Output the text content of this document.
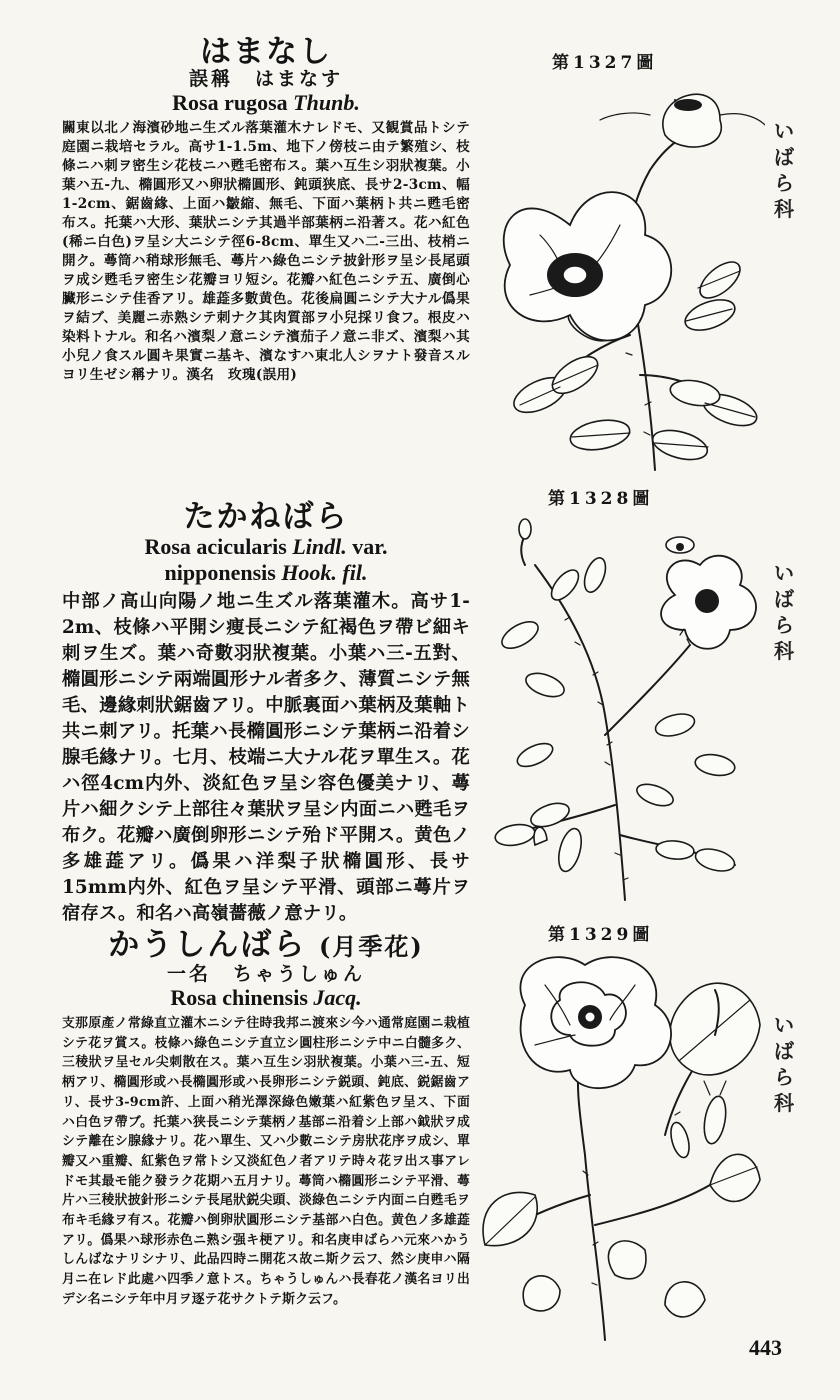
はまなし
誤稱　はまなす
Rosa rugosa Thunb.
關東以北ノ海濱砂地ニ生ズル落葉灌木ナレドモ、又観賞品トシテ庭園ニ栽培セラル。高サ1-1.5m、地下ノ傍枝ニ由テ繁殖シ、枝條ニハ刺ヲ密生シ花枝ニハ甦毛密布ス。葉ハ互生シ羽狀複葉。小葉ハ五-九、橢圓形又ハ卵狀橢圓形、鈍頭狭底、長サ2-3cm、幅1-2cm、鋸齒緣、上面ハ皺縮、無毛、下面ハ葉柄ト共ニ甦毛密布ス。托葉ハ大形、葉狀ニシテ其過半部葉柄ニ沿著ス。花ハ紅色(稀ニ白色)ヲ呈シ大ニシテ徑6-8cm、單生又ハ二-三出、枝梢ニ開ク。蕚筒ハ稍球形無毛、蕚片ハ綠色ニシテ披針形ヲ呈シ長尾頭ヲ成シ甦毛ヲ密生シ花瓣ヨリ短シ。花瓣ハ紅色ニシテ五、廣倒心臟形ニシテ佳香アリ。雄蕋多數黄色。花後扁圓ニシテ大ナル僞果ヲ結ブ、美麗ニ赤熟シテ刺ナク其肉質部ヲ小兒採リ食フ。根皮ハ染料トナル。和名ハ濱梨ノ意ニシテ濱茄子ノ意ニ非ズ、濱梨ハ其小兒ノ食スル圓キ果實ニ基キ、濱なすハ東北人シヲナト發音スルヨリ生ゼシ稱ナリ。漢名　玫瑰(誤用)
たかねばら
Rosa acicularis Lindl. var.
nipponensis Hook. fil.
中部ノ高山向陽ノ地ニ生ズル落葉灌木。高サ1-2m、枝條ハ平開シ痩長ニシテ紅褐色ヲ帶ビ細キ刺ヲ生ズ。葉ハ奇數羽狀複葉。小葉ハ三-五對、橢圓形ニシテ兩端圓形ナル者多ク、薄質ニシテ無毛、邊緣刺狀鋸齒アリ。中脈裏面ハ葉柄及葉軸ト共ニ刺アリ。托葉ハ長橢圓形ニシテ葉柄ニ沿着シ腺毛緣ナリ。七月、枝端ニ大ナル花ヲ單生ス。花ハ徑4cm内外、淡紅色ヲ呈シ容色優美ナリ、蕚片ハ細クシテ上部往々葉狀ヲ呈シ内面ニハ甦毛ヲ布ク。花瓣ハ廣倒卵形ニシテ殆ド平開ス。黄色ノ多雄蕋アリ。僞果ハ洋梨子狀橢圓形、長サ15mm内外、紅色ヲ呈シテ平滑、頭部ニ蕚片ヲ宿存ス。和名ハ高嶺薔薇ノ意ナリ。
かうしんばら (月季花)
一名　ちゃうしゅん
Rosa chinensis Jacq.
支那原產ノ常綠直立灌木ニシテ往時我邦ニ渡來シ今ハ通常庭園ニ栽植シテ花ヲ賞ス。枝條ハ綠色ニシテ直立シ圓柱形ニシテ中ニ白髓多ク、三稜狀ヲ呈セル尖刺散在ス。葉ハ互生シ羽狀複葉。小葉ハ三-五、短柄アリ、橢圓形或ハ長橢圓形或ハ長卵形ニシテ鋭頭、鈍底、鋭鋸齒アリ、長サ3-9cm許、上面ハ稍光澤深綠色嫩葉ハ紅紫色ヲ呈ス、下面ハ白色ヲ帶ブ。托葉ハ狭長ニシテ葉柄ノ基部ニ沿着シ上部ハ鉞狀ヲ成シテ離在シ腺緣ナリ。花ハ單生、又ハ少數ニシテ房狀花序ヲ成シ、單瓣又ハ重瓣、紅紫色ヲ常トシ又淡紅色ノ者アリテ時々花ヲ出ス事アレドモ其最モ能ク發ラク花期ハ五月ナリ。蕚筒ハ橢圓形ニシテ平滑、蕚片ハ三稜狀披針形ニシテ長尾狀鋭尖頭、淡綠色ニシテ内面ニ白甦毛ヲ布キ毛緣ヲ有ス。花瓣ハ倒卵狀圓形ニシテ基部ハ白色。黄色ノ多雄蕋アリ。僞果ハ球形赤色ニ熟シ强キ梗アリ。和名庚申ばらハ元來ハかうしんばなナリシナリ、此品四時ニ開花ス故ニ斯ク云フ、然シ庚申ハ隔月ニ在レド此處ハ四季ノ意トス。ちゃうしゅんハ長春花ノ漢名ヨリ出デシ名ニシテ年中月ヲ逐テ花サクトテ斯ク云フ。
第1327圖
第1328圖
第1329圖
いばら科
いばら科
いばら科
443
